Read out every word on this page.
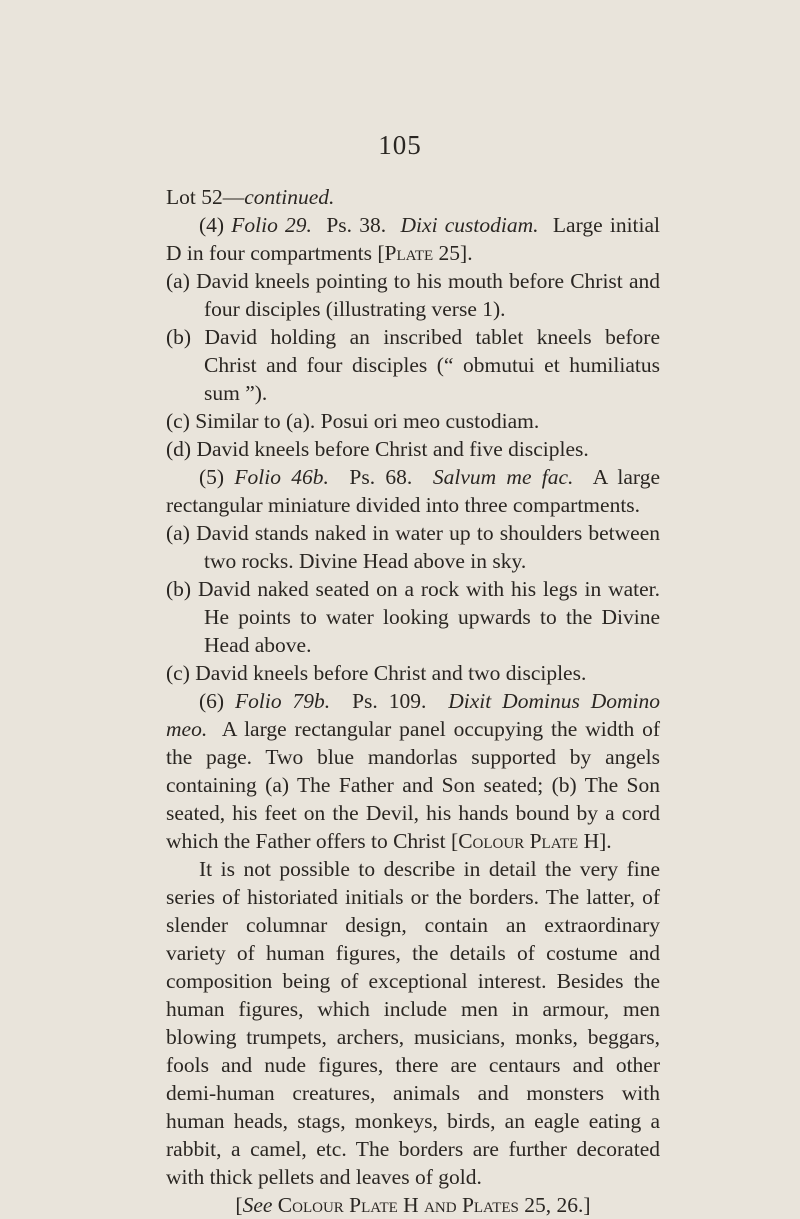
105

Lot 52—continued.

(4) Folio 29. Ps. 38. Dixi custodiam. Large initial D in four compartments [Plate 25].

(a) David kneels pointing to his mouth before Christ and four disciples (illustrating verse 1).

(b) David holding an inscribed tablet kneels before Christ and four disciples (“ obmutui et humiliatus sum ”).

(c) Similar to (a). Posui ori meo custodiam.

(d) David kneels before Christ and five disciples.

(5) Folio 46b. Ps. 68. Salvum me fac. A large rectangular miniature divided into three compartments.

(a) David stands naked in water up to shoulders between two rocks. Divine Head above in sky.

(b) David naked seated on a rock with his legs in water. He points to water looking upwards to the Divine Head above.

(c) David kneels before Christ and two disciples.

(6) Folio 79b. Ps. 109. Dixit Dominus Domino meo. A large rectangular panel occupying the width of the page. Two blue mandorlas supported by angels containing (a) The Father and Son seated; (b) The Son seated, his feet on the Devil, his hands bound by a cord which the Father offers to Christ [Colour Plate H].

It is not possible to describe in detail the very fine series of historiated initials or the borders. The latter, of slender columnar design, contain an extraordinary variety of human figures, the details of costume and composition being of exceptional interest. Besides the human figures, which include men in armour, men blowing trumpets, archers, musicians, monks, beggars, fools and nude figures, there are centaurs and other demi-human creatures, animals and monsters with human heads, stags, monkeys, birds, an eagle eating a rabbit, a camel, etc. The borders are further decorated with thick pellets and leaves of gold.

[See Colour Plate H and Plates 25, 26.]
